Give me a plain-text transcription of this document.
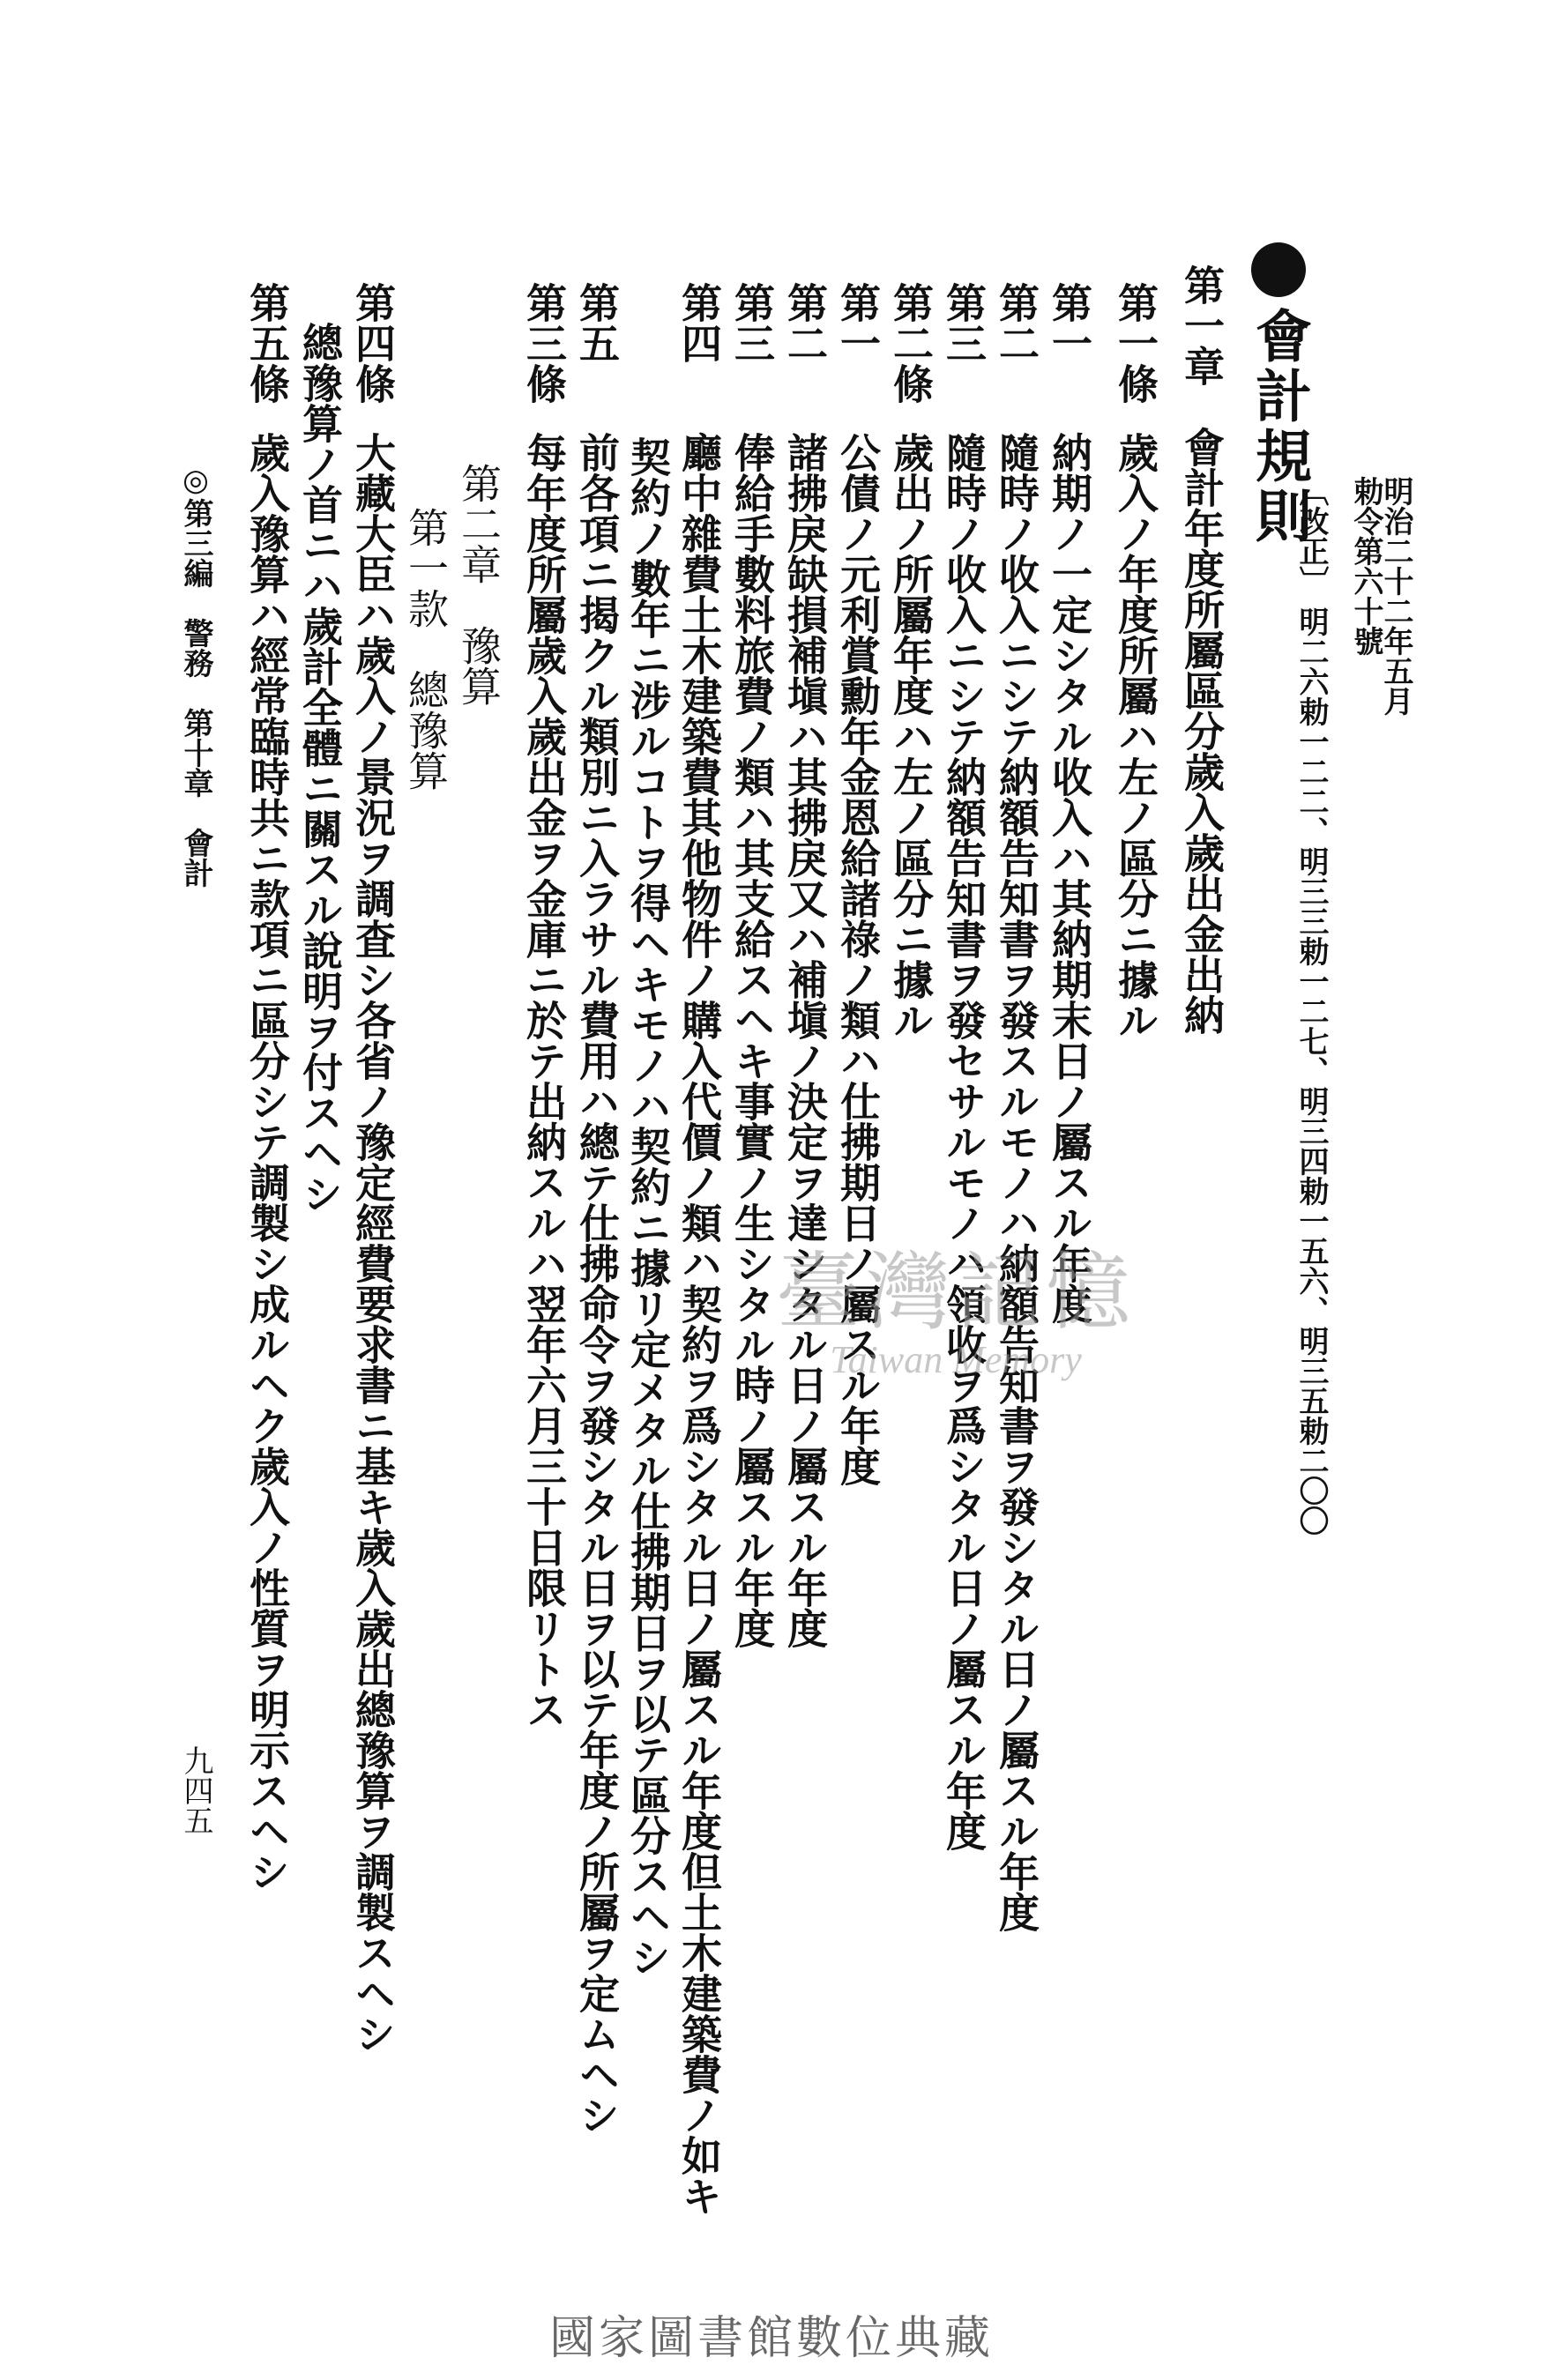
會計規則
明治二十二年五月 勅令第六十號
〔改正〕 明二六勅一二二、明三三勅一二七、明三四勅一五六、明三五勅二〇〇
第一章　會計年度所屬區分歲入歲出金出納
第一條歲入ノ年度所屬ハ左ノ區分ニ據ル
第一納期ノ一定シタル收入ハ其納期末日ノ屬スル年度
第二隨時ノ收入ニシテ納額告知書ヲ發スルモノハ納額告知書ヲ發シタル日ノ屬スル年度
第三隨時ノ收入ニシテ納額告知書ヲ發セサルモノハ領收ヲ爲シタル日ノ屬スル年度
第二條歲出ノ所屬年度ハ左ノ區分ニ據ル
第一公債ノ元利賞勳年金恩給諸祿ノ類ハ仕拂期日ノ屬スル年度
第二諸拂戾缺損補塡ハ其拂戾又ハ補塡ノ決定ヲ達シタル日ノ屬スル年度
第三俸給手數料旅費ノ類ハ其支給スヘキ事實ノ生シタル時ノ屬スル年度
第四廳中雜費土木建築費其他物件ノ購入代價ノ類ハ契約ヲ爲シタル日ノ屬スル年度但土木建築費ノ如キ
契約ノ數年ニ涉ルコトヲ得ヘキモノハ契約ニ據リ定メタル仕拂期日ヲ以テ區分スヘシ
第五前各項ニ揭クル類別ニ入ラサル費用ハ總テ仕拂命令ヲ發シタル日ヲ以テ年度ノ所屬ヲ定ムヘシ
第三條每年度所屬歲入歲出金ヲ金庫ニ於テ出納スルハ翌年六月三十日限リトス
第二章　豫算
第一款　總豫算
第四條大藏大臣ハ歲入ノ景況ヲ調査シ各省ノ豫定經費要求書ニ基キ歲入歲出總豫算ヲ調製スヘシ
總豫算ノ首ニハ歲計全體ニ關スル說明ヲ付スヘシ
第五條歲入豫算ハ經常臨時共ニ款項ニ區分シテ調製シ成ルヘク歲入ノ性質ヲ明示スヘシ
◎第三編　警務　第十章　會計
九四五
臺灣記憶
Taiwan Memory
國家圖書館數位典藏
